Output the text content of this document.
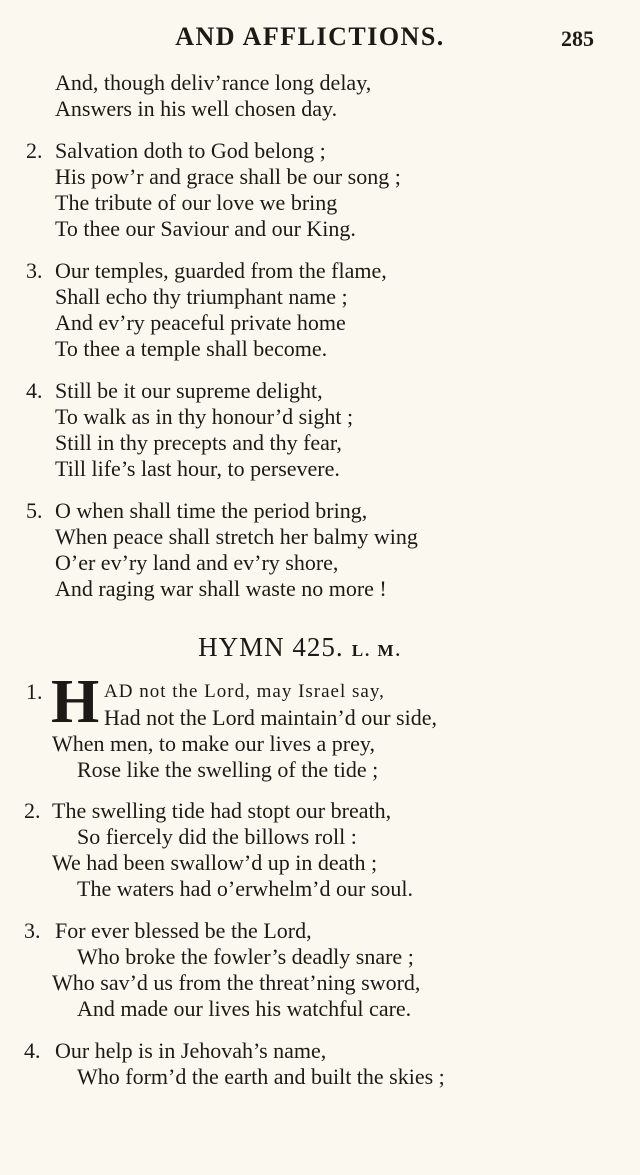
AND AFFLICTIONS.	285
And, though deliv’rance long delay,
Answers in his well chosen day.
2. Salvation doth to God belong ;
His pow’r and grace shall be our song ;
The tribute of our love we bring
To thee our Saviour and our King.
3. Our temples, guarded from the flame,
Shall echo thy triumphant name ;
And ev’ry peaceful private home
To thee a temple shall become.
4. Still be it our supreme delight,
To walk as in thy honour’d sight ;
Still in thy precepts and thy fear,
Till life’s last hour, to persevere.
5. O when shall time the period bring,
When peace shall stretch her balmy wing
O’er ev’ry land and ev’ry shore,
And raging war shall waste no more !
HYMN 425. L. M.
1. H AD not the Lord, may Israel say,
Had not the Lord maintain’d our side,
When men, to make our lives a prey,
Rose like the swelling of the tide ;
2. The swelling tide had stopt our breath,
So fiercely did the billows roll :
We had been swallow’d up in death ;
The waters had o’erwhelm’d our soul.
3. For ever blessed be the Lord,
Who broke the fowler’s deadly snare ;
Who sav’d us from the threat’ning sword,
And made our lives his watchful care.
4. Our help is in Jehovah’s name,
Who form’d the earth and built the skies ;
